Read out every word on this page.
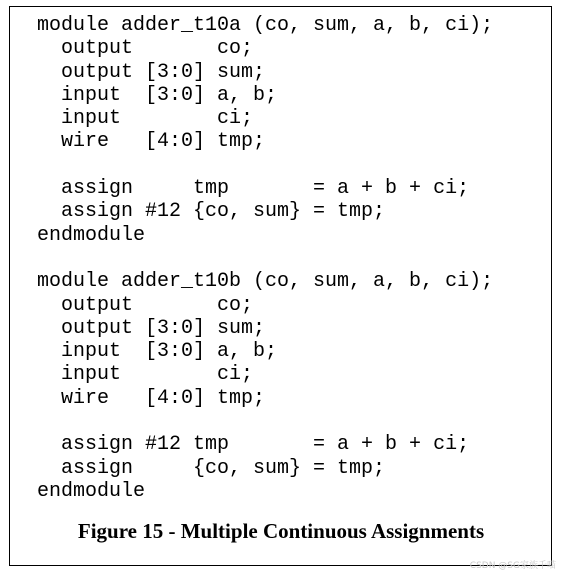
module adder_t10a (co, sum, a, b, ci);
output       co;
output [3:0] sum;
input  [3:0] a, b;
input        ci;
wire   [4:0] tmp;
assign     tmp       = a + b + ci;
assign #12 {co, sum} = tmp;
endmodule
module adder_t10b (co, sum, a, b, ci);
output       co;
output [3:0] sum;
input  [3:0] a, b;
input        ci;
wire   [4:0] tmp;
assign #12 tmp       = a + b + ci;
assign     {co, sum} = tmp;
endmodule
Figure 15 - Multiple Continuous Assignments
CSDN @SG家族千喵
